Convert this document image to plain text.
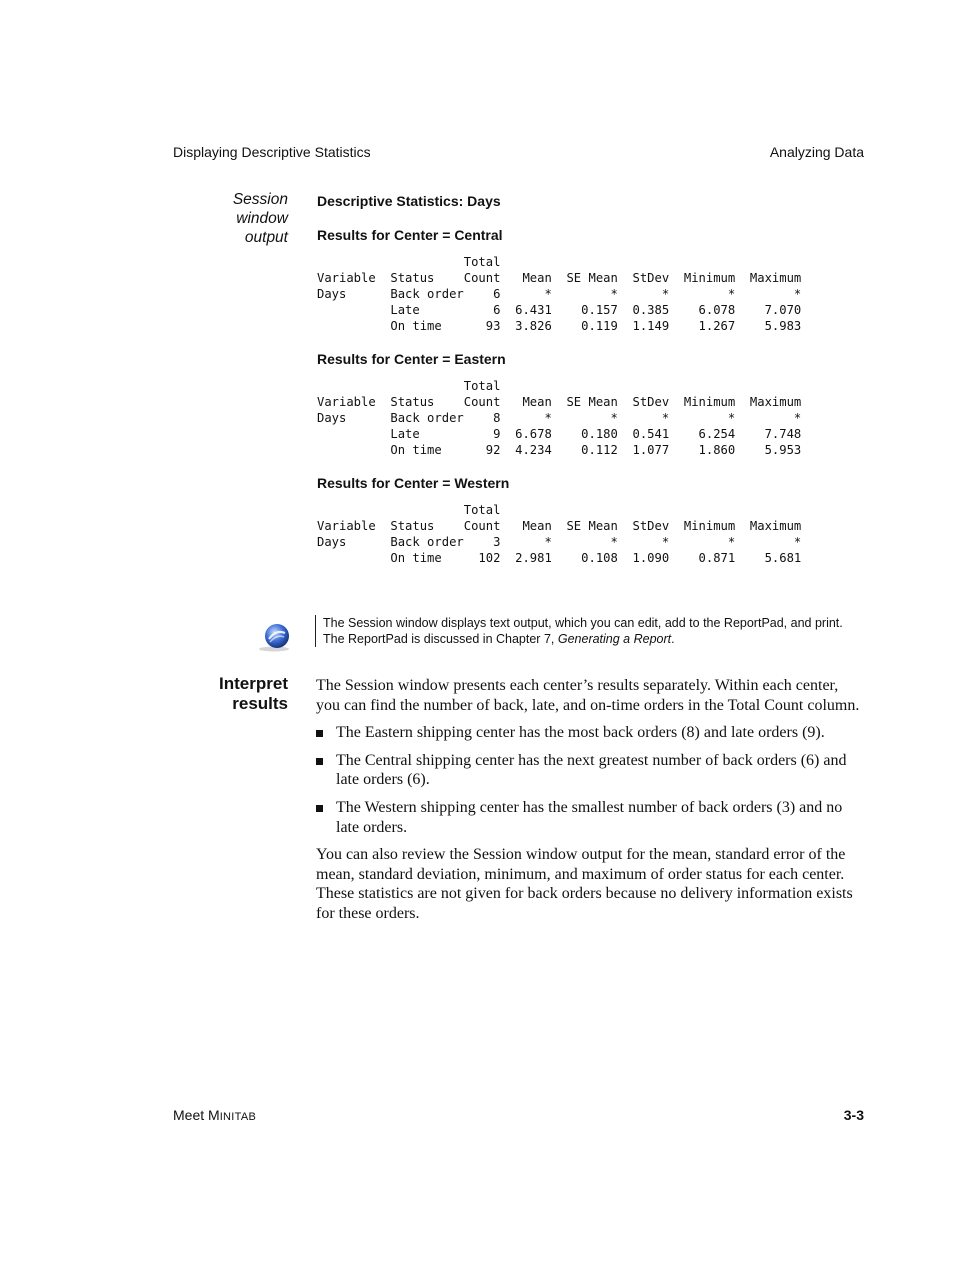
Displaying Descriptive Statistics	Analyzing Data
Session
window
output

Descriptive Statistics: Days

Results for Center = Central

Total
Variable  Status    Count   Mean  SE Mean  StDev  Minimum  Maximum
Days      Back order    6      *        *      *        *        *
Late          6  6.431    0.157  0.385    6.078    7.070
On time      93  3.826    0.119  1.149    1.267    5.983

Results for Center = Eastern

Total
Variable  Status    Count   Mean  SE Mean  StDev  Minimum  Maximum
Days      Back order    8      *        *      *        *        *
Late          9  6.678    0.180  0.541    6.254    7.748
On time      92  4.234    0.112  1.077    1.860    5.953

Results for Center = Western

Total
Variable  Status    Count   Mean  SE Mean  StDev  Minimum  Maximum
Days      Back order    3      *        *      *        *        *
On time     102  2.981    0.108  1.090    0.871    5.681
The Session window displays text output, which you can edit, add to the ReportPad, and print.
The ReportPad is discussed in Chapter 7, Generating a Report.
Interpret
results

The Session window presents each center’s results separately. Within each center, you can find the number of back, late, and on-time orders in the Total Count column.

The Eastern shipping center has the most back orders (8) and late orders (9).
The Central shipping center has the next greatest number of back orders (6) and late orders (6).
The Western shipping center has the smallest number of back orders (3) and no late orders.

You can also review the Session window output for the mean, standard error of the mean, standard deviation, minimum, and maximum of order status for each center. These statistics are not given for back orders because no delivery information exists for these orders.

Meet MINITAB	3-3
